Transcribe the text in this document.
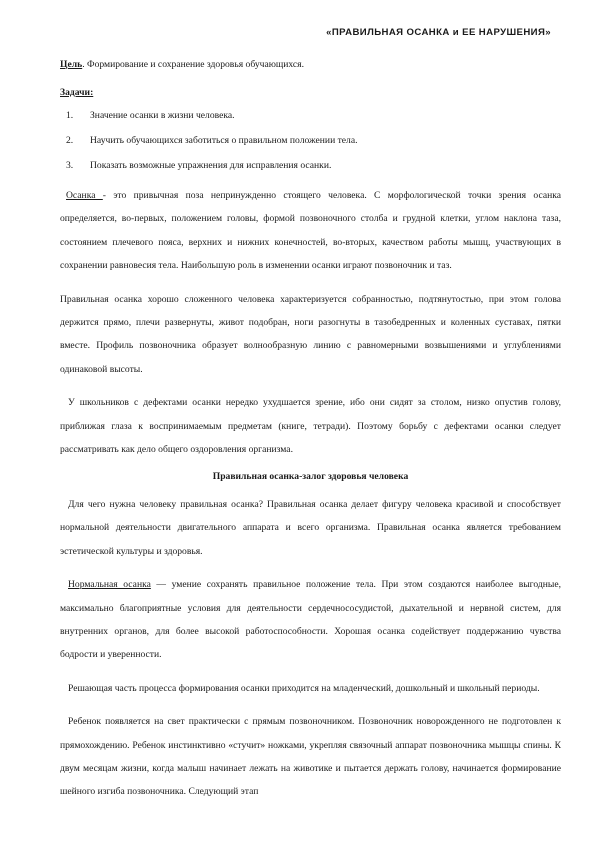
«ПРАВИЛЬНАЯ ОСАНКА и ЕЕ НАРУШЕНИЯ»

Цель. Формирование и сохранение здоровья обучающихся.

Задачи:
1. Значение осанки в жизни человека.
2. Научить обучающихся заботиться о правильном положении тела.
3. Показать возможные упражнения для исправления осанки.

Осанка - это привычная поза непринужденно стоящего человека. С морфологической точки зрения осанка определяется, во-первых, положением головы, формой позвоночного столба и грудной клетки, углом наклона таза, состоянием плечевого пояса, верхних и нижних конечностей, во-вторых, качеством работы мышц, участвующих в сохранении равновесия тела. Наибольшую роль в изменении осанки играют позвоночник и таз.

Правильная осанка хорошо сложенного человека характеризуется собранностью, подтянутостью, при этом голова держится прямо, плечи развернуты, живот подобран, ноги разогнуты в тазобедренных и коленных суставах, пятки вместе. Профиль позвоночника образует волнообразную линию с равномерными возвышениями и углублениями одинаковой высоты.

У школьников с дефектами осанки нередко ухудшается зрение, ибо они сидят за столом, низко опустив голову, приближая глаза к воспринимаемым предметам (книге, тетради). Поэтому борьбу с дефектами осанки следует рассматривать как дело общего оздоровления организма.

Правильная осанка-залог здоровья человека

Для чего нужна человеку правильная осанка? Правильная осанка делает фигуру человека красивой и способствует нормальной деятельности двигательного аппарата и всего организма. Правильная осанка является требованием эстетической культуры и здоровья.

Нормальная осанка — умение сохранять правильное положение тела. При этом создаются наиболее выгодные, максимально благоприятные условия для деятельности сердечнососудистой, дыхательной и нервной систем, для внутренних органов, для более высокой работоспособности. Хорошая осанка содействует поддержанию чувства бодрости и уверенности.

Решающая часть процесса формирования осанки приходится на младенческий, дошкольный и школьный периоды.

Ребенок появляется на свет практически с прямым позвоночником. Позвоночник новорожденного не подготовлен к прямохождению. Ребенок инстинктивно «стучит» ножками, укрепляя связочный аппарат позвоночника мышцы спины. К двум месяцам жизни, когда малыш начинает лежать на животике и пытается держать голову, начинается формирование шейного изгиба позвоночника. Следующий этап
